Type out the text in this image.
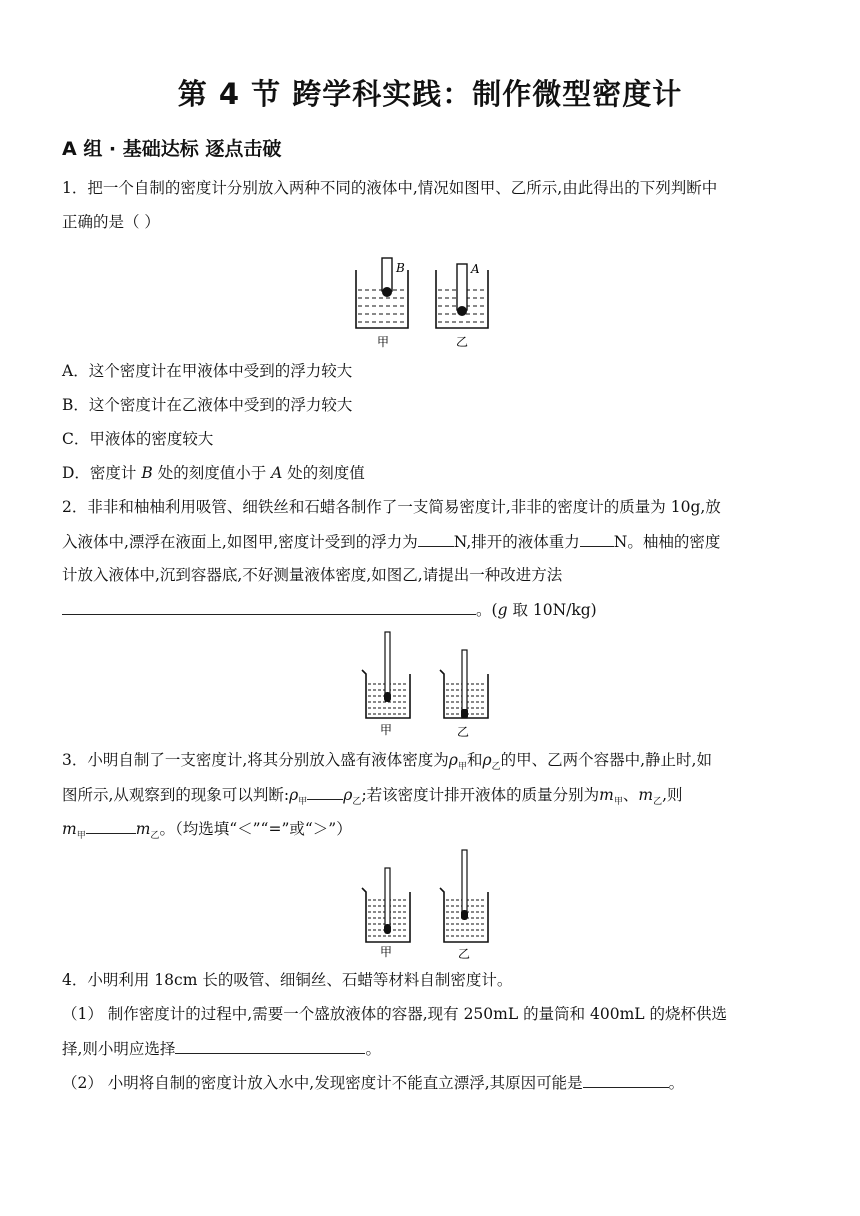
第 4 节 跨学科实践：制作微型密度计
A 组 · 基础达标 逐点击破
1．把一个自制的密度计分别放入两种不同的液体中,情况如图甲、乙所示,由此得出的下列判断中
正确的是（ ）
B	A
甲	乙
A．这个密度计在甲液体中受到的浮力较大
B．这个密度计在乙液体中受到的浮力较大
C．甲液体的密度较大
D．密度计 B 处的刻度值小于 A 处的刻度值
2．非非和柚柚利用吸管、细铁丝和石蜡各制作了一支简易密度计,非非的密度计的质量为 10g,放
入液体中,漂浮在液面上,如图甲,密度计受到的浮力为 N,排开的液体重力 N。柚柚的密度
计放入液体中,沉到容器底,不好测量液体密度,如图乙,请提出一种改进方法
。(g 取 10N/kg)
甲	乙
3．小明自制了一支密度计,将其分别放入盛有液体密度为$\rho_甲$和$\rho_乙$的甲、乙两个容器中,静止时,如
图所示,从观察到的现象可以判断$:\rho_甲$ $\rho_乙$;若该密度计排开液体的质量分别为$m_甲$、$m_乙$,则
$m_甲$	$m_乙$。（均选填“＜”“=”或“＞”）
甲	乙
4．小明利用 18cm 长的吸管、细铜丝、石蜡等材料自制密度计。
（1） 制作密度计的过程中,需要一个盛放液体的容器,现有 250mL 的量筒和 400mL 的烧杯供选
择,则小明应选择	。
（2） 小明将自制的密度计放入水中,发现密度计不能直立漂浮,其原因可能是	。
